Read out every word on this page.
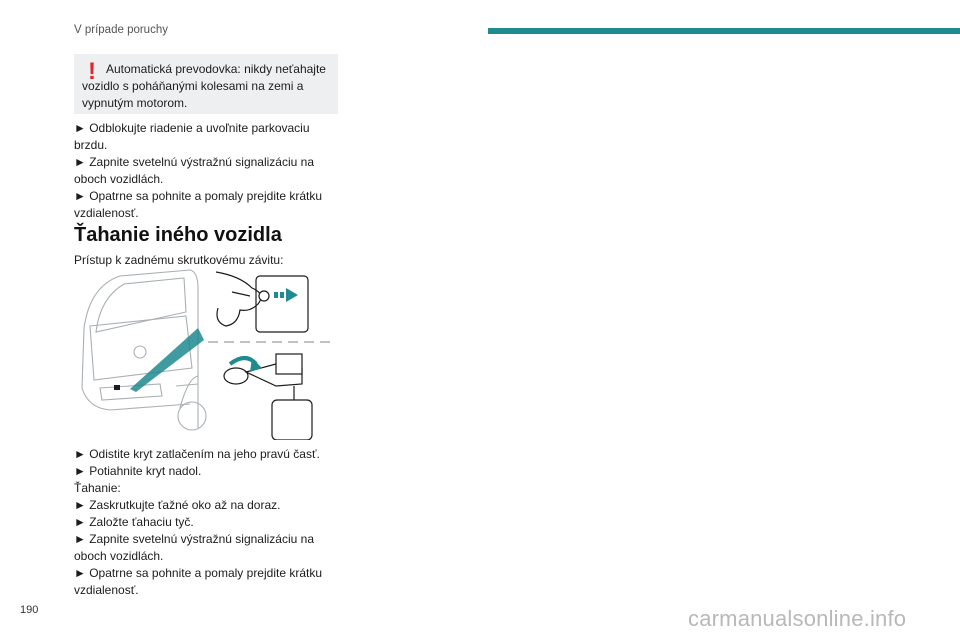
V prípade poruchy
! Automatická prevodovka: nikdy neťahajte vozidlo s poháňanými kolesami na zemi a vypnutým motorom.
► Odblokujte riadenie a uvoľnite parkovaciu brzdu.
► Zapnite svetelnú výstražnú signalizáciu na oboch vozidlách.
► Opatrne sa pohnite a pomaly prejdite krátku vzdialenosť.
Ťahanie iného vozidla
Prístup k zadnému skrutkovému závitu:
► Odistite kryt zatlačením na jeho pravú časť.
► Potiahnite kryt nadol.
Ťahanie:
► Zaskrutkujte ťažné oko až na doraz.
► Založte ťahaciu tyč.
► Zapnite svetelnú výstražnú signalizáciu na oboch vozidlách.
► Opatrne sa pohnite a pomaly prejdite krátku vzdialenosť.
190	carmanualsonline.info
